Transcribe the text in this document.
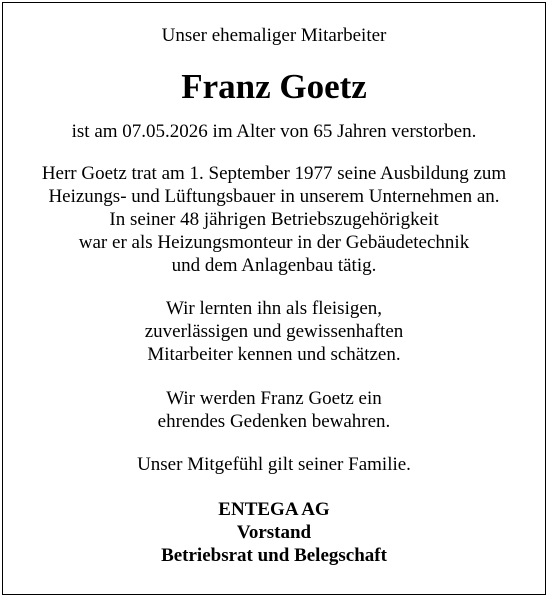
Unser ehemaliger Mitarbeiter
Franz Goetz
ist am 07.05.2026 im Alter von 65 Jahren verstorben.
Herr Goetz trat am 1. September 1977 seine Ausbildung zum
Heizungs- und Lüftungsbauer in unserem Unternehmen an.
In seiner 48 jährigen Betriebszugehörigkeit
war er als Heizungsmonteur in der Gebäudetechnik
und dem Anlagenbau tätig.
Wir lernten ihn als fleisigen,
zuverlässigen und gewissenhaften
Mitarbeiter kennen und schätzen.
Wir werden Franz Goetz ein
ehrendes Gedenken bewahren.
Unser Mitgefühl gilt seiner Familie.
ENTEGA AG
Vorstand
Betriebsrat und Belegschaft
